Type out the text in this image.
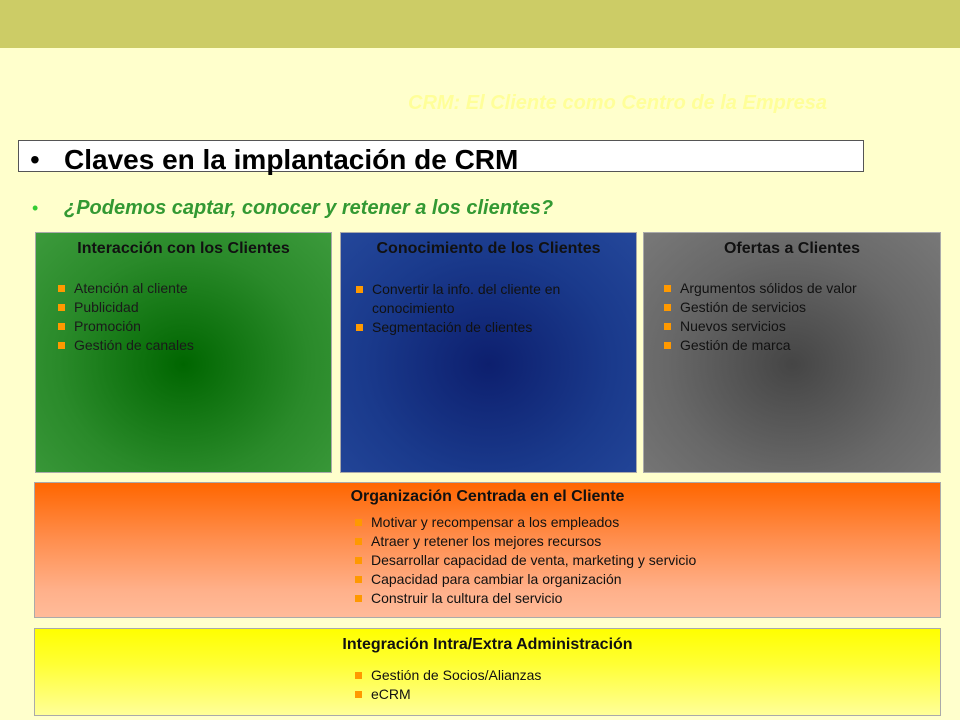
CRM: El Cliente como Centro de la Empresa
• Claves en la implantación de CRM
• ¿Podemos captar, conocer y retener a los clientes?
Interacción con los Clientes
Atención al cliente
Publicidad
Promoción
Gestión de canales
Conocimiento de los Clientes
Convertir la info. del cliente en
conocimiento
Segmentación de clientes
Ofertas a Clientes
Argumentos sólidos de valor
Gestión de servicios
Nuevos servicios
Gestión de marca
Organización Centrada en el Cliente
Motivar y recompensar a los empleados
Atraer y retener los mejores recursos
Desarrollar capacidad de venta, marketing y servicio
Capacidad para cambiar la organización
Construir la cultura del servicio
Integración Intra/Extra Administración
Gestión de Socios/Alianzas
eCRM
